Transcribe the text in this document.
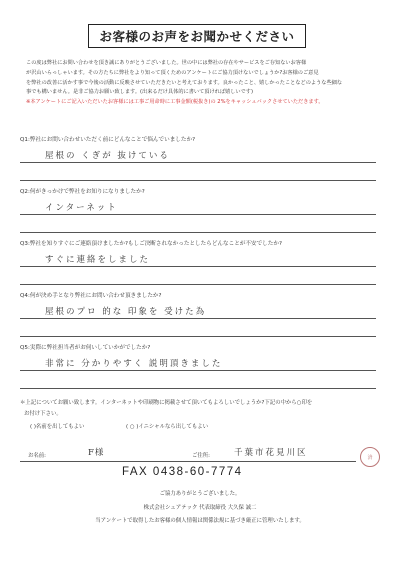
お客様のお声をお聞かせください

この度は弊社にお問い合わせを頂き誠にありがとうございました。世の中には弊社の存在やサービスをご存知ないお客様

が沢山いらっしゃいます。その方たちに弊社をより知って頂くためのアンケートにご協力頂けないでしょうか?お客様のご意見

を弊社の改善に活かす事で今後の活動に反映させていただきたいと考えております。良かったこと、嬉しかったことなどのような些細な

事でも構いません。是非ご協力お願い致します。(出来るだけ具体的に書いて頂ければ嬉しいです)

※本アンケートにご記入いただいたお客様には工事ご用命時に工事金額(税抜き)の 2%をキャッシュバックさせていただきます。

Q1:弊社にお問い合わせいただく前にどんなことで悩んでいましたか?
屋根の くぎが 抜けている
Q2:何がきっかけで弊社をお知りになりましたか?
インターネット
Q3:弊社を知りすぐにご連絡頂けましたか?もしご決断されなかったとしたらどんなことが不安でしたか?
すぐに連絡をしました
Q4:何が決め手となり弊社にお問い合わせ頂きましたか?
屋根のプロ 的な 印象を 受けた為
Q5:実際に弊社担当者がお伺いしていかがでしたか?
非常に 分かりやすく 説明頂きました
＊上記についてお願い致します。インターネットや印刷物に掲載させて頂いてもよろしいでしょうか?下記の中から○印を
お付け下さい。
( )名前を出してもよい	( ○ )イニシャルなら出してもよい
お名前:	F様	ご住所:	千葉市花見川区	済
FAX 0438-60-7774
ご協力ありがとうございました。
株式会社シェアテック 代表取締役 大久保 誠二
当アンケートで取得したお客様の個人情報は関係法規に基づき厳正に管理いたします。
